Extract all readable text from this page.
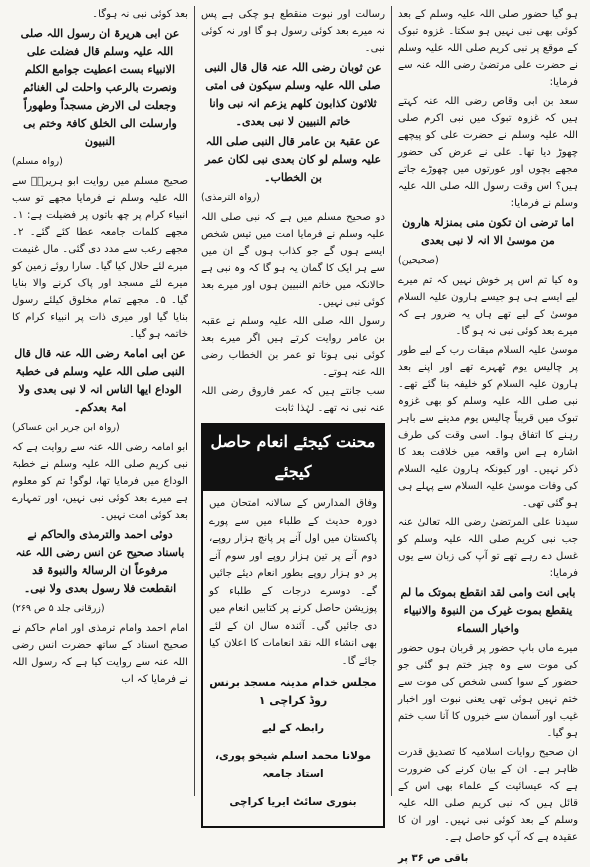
بعد کوئی نبی نہ ہوگا۔

عن ابی ھریرۃ ان رسول اللہ صلی اللہ علیہ وسلم قال فضلت علی الانبیاء بست اعطیت جوامع الکلم ونصرت بالرعب واحلت لی الغنائم وجعلت لی الارض مسجداً وطھوراً وارسلت الی الخلق کافۃ وختم بی النبیون

(رواہ مسلم)

صحیح مسلم میں روایت ابو ہریرہؓ سے اللہ علیہ وسلم نے فرمایا مجھے تو سب انبیاء کرام پر چھ باتوں پر فضیلت ہے: ۱۔ مجھے کلمات جامعہ عطا کئے گئے۔ ۲۔ مجھے رعب سے مدد دی گئی۔ مال غنیمت میرے لئے حلال کیا گیا۔ سارا روئے زمین کو میرے لئے مسجد اور پاک کرنے والا بنایا گیا۔ ۵۔ مجھے تمام مخلوق کیلئے رسول بنایا گیا اور میری ذات پر انبیاء کرام کا خاتمہ ہو گیا۔

عن ابی امامۃ رضی اللہ عنہ قال قال النبی صلی اللہ علیہ وسلم فی خطبۃ الوداع ایھا الناس انہ لا نبی بعدی ولا امۃ بعدکم۔

(رواہ ابن جریر ابن عساکر)

ابو امامہ رضی اللہ عنہ سے روایت ہے کہ نبی کریم صلی اللہ علیہ وسلم نے خطبۃ الوداع میں فرمایا تھا، لوگو! تم کو معلوم ہے میرے بعد کوئی نبی نہیں، اور تمہارے بعد کوئی امت نہیں۔

دوئی احمد والترمذی والحاکم نے باسناد صحیح عن انس رضی اللہ عنہ مرفوعاً ان الرسالۃ والنبوۃ قد انقطعت فلا رسول بعدی ولا نبی۔

(زرقانی جلد ۵ ص ۲۶۹)

امام احمد وامام ترمذی اور امام حاکم نے صحیح اسناد کے ساتھ حضرت انس رضی اللہ عنہ سے روایت کیا ہے کہ رسول اللہ نے فرمایا کہ اب

رسالت اور نبوت منقطع ہو چکی ہے پس نہ میرے بعد کوئی رسول ہو گا اور نہ کوئی نبی۔

عن ثوبان رضی اللہ عنہ قال قال النبی صلی اللہ علیہ وسلم سیکون فی امتی ثلاثون کذابون کلھم یزعم انہ نبی وانا خاتم النبیین لا نبی بعدی۔

عن عقبۃ بن عامر قال النبی صلی اللہ علیہ وسلم لو کان بعدی نبی لکان عمر بن الخطاب۔

(رواہ الترمذی)

دو صحیح مسلم میں ہے کہ نبی صلی اللہ علیہ وسلم نے فرمایا امت میں تیس شخص ایسے ہوں گے جو کذاب ہوں گے ان میں سے ہر ایک کا گمان یہ ہو گا کہ وہ نبی ہے حالانکہ میں خاتم النبیین ہوں اور میرے بعد کوئی نبی نہیں۔

رسول اللہ صلی اللہ علیہ وسلم نے عقبہ بن عامر روایت کرتے ہیں اگر میرے بعد کوئی نبی ہوتا تو عمر بن الخطاب رضی اللہ عنہ ہوتے۔

سب جانتے ہیں کہ عمر فاروق رضی اللہ عنہ نبی نہ تھے۔ لہٰذا ثابت

محنت کیجئے انعام حاصل کیجئے

وفاق المدارس کے سالانہ امتحان میں دورہ حدیث کے طلباء میں سے پورے پاکستان میں اول آنے پر پانچ ہزار روپے، دوم آنے پر تین ہزار روپے اور سوم آنے پر دو ہزار روپے بطور انعام دیئے جائیں گے۔ دوسرے درجات کے طلباء کو پوزیشن حاصل کرنے پر کتابیں انعام میں دی جائیں گی۔ آئندہ سال ان کے لئے بھی انشاء اللہ نقد انعامات کا اعلان کیا جائے گا۔

مجلس خدام مدینہ مسجد برنس روڈ کراچی ۱

رابطہ کے لیے

مولانا محمد اسلم شیخو پوری، استاد جامعہ

بنوری سائٹ ایریا کراچی

ہو گیا حضور صلی اللہ علیہ وسلم کے بعد کوئی بھی نبی نہیں ہو سکتا۔ غزوہ تبوک کے موقع پر نبی کریم صلی اللہ علیہ وسلم نے حضرت علی مرتضیٰ رضی اللہ عنہ سے فرمایا:

سعد بن ابی وقاص رضی اللہ عنہ کہتے ہیں کہ غزوہ تبوک میں نبی اکرم صلی اللہ علیہ وسلم نے حضرت علی کو پیچھے چھوڑ دیا تھا۔ علی نے عرض کی حضور مجھے بچوں اور عورتوں میں چھوڑے جاتے ہیں؟ اس وقت رسول اللہ صلی اللہ علیہ وسلم نے فرمایا:

اما ترضی ان تکون منی بمنزلۃ ھارون من موسیٰ الا انہ لا نبی بعدی

(صحیحین)

وہ کیا تم اس پر خوش نہیں کہ تم میرے لیے ایسے ہی ہو جیسے ہارون علیہ السلام موسیٰ کے لیے تھے ہاں یہ ضرور ہے کہ میرے بعد کوئی نبی نہ ہو گا۔

موسیٰ علیہ السلام میقات رب کے لیے طور پر چالیس یوم ٹھہرے تھے اور اپنے بعد ہارون علیہ السلام کو خلیفہ بنا گئے تھے۔ نبی صلی اللہ علیہ وسلم کو بھی غزوہ تبوک میں قریباً چالیس یوم مدینے سے باہر رہنے کا اتفاق ہوا۔ اسی وقت کی طرف اشارہ ہے اس واقعہ میں خلافت بعد کا ذکر نہیں۔ اور کیونکہ ہارون علیہ السلام کی وفات موسیٰ علیہ السلام سے پہلے ہی ہو گئی تھی۔

سیدنا علی المرتضیٰ رضی اللہ تعالیٰ عنہ جب نبی کریم صلی اللہ علیہ وسلم کو غسل دے رہے تھے تو آپ کی زبان سے یوں فرمایا:

بابی انت وامی لقد انقطع بموتک ما لم ینقطع بموت غیرک من النبوۃ والانبیاء واخبار السماء

میرے ماں باپ حضور پر قربان ہوں حضور کی موت سے وہ چیز ختم ہو گئی جو حضور کے سوا کسی شخص کی موت سے ختم نہیں ہوئی تھی یعنی نبوت اور اخبار غیب اور آسمان سے خبروں کا آنا سب ختم ہو گیا۔

ان صحیح روایات اسلامیہ کا تصدیق قدرت ظاہر ہے۔ ان کے بیان کرنے کی ضرورت ہے کہ عیسائیت کے علماء بھی اس کے قائل ہیں کہ نبی کریم صلی اللہ علیہ وسلم کے بعد کوئی نبی نہیں۔ اور ان کا عقیدہ ہے کہ آپ کو حاصل ہے۔

باقی ص ۳۶ پر
